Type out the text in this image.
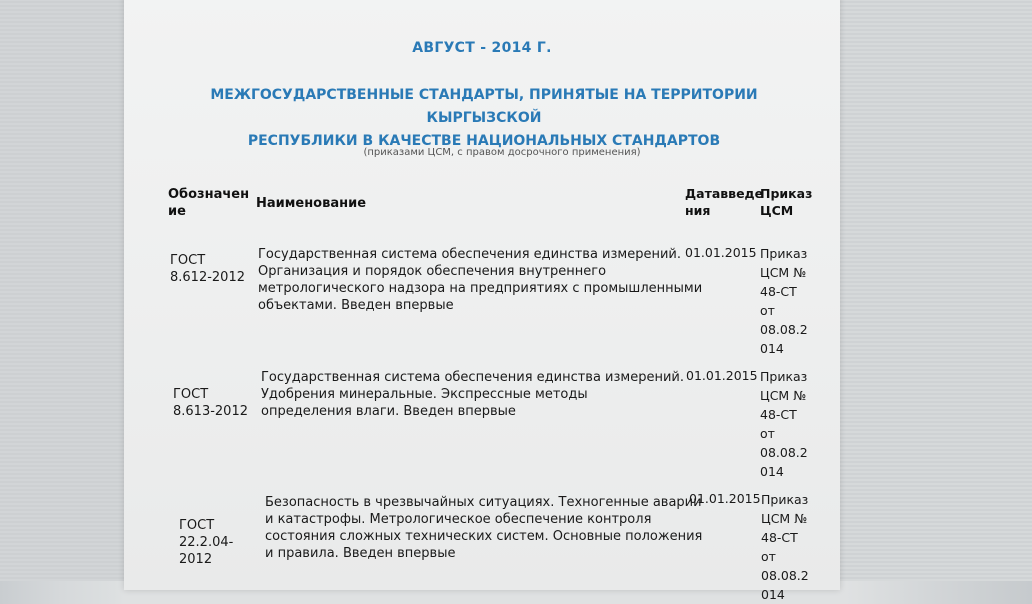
АВГУСТ - 2014 Г.
МЕЖГОСУДАРСТВЕННЫЕ СТАНДАРТЫ, ПРИНЯТЫЕ НА ТЕРРИТОРИИ КЫРГЫЗСКОЙ
РЕСПУБЛИКИ В КАЧЕСТВЕ НАЦИОНАЛЬНЫХ СТАНДАРТОВ
(приказами ЦСМ, с правом досрочного применения)
Обозначен
ие
Наименование
Датавведе
ния
Приказ
ЦСМ
ГОСТ
8.612-2012
Государственная система обеспечения единства измерений.
Организация и порядок обеспечения внутреннего
метрологического надзора на предприятиях с промышленными
объектами. Введен впервые
01.01.2015 Приказ
ЦСМ №
48-СТ
от
08.08.2
014
ГОСТ
8.613-2012
Государственная система обеспечения единства измерений.
Удобрения минеральные. Экспрессные методы
определения влаги. Введен впервые
01.01.2015 Приказ
ЦСМ №
48-СТ
от
08.08.2
014
ГОСТ
22.2.04-
2012
Безопасность в чрезвычайных ситуациях. Техногенные аварии
и катастрофы. Метрологическое обеспечение контроля
состояния сложных технических систем. Основные положения
и правила. Введен впервые
01.01.2015 Приказ
ЦСМ №
48-СТ
от
08.08.2
014
